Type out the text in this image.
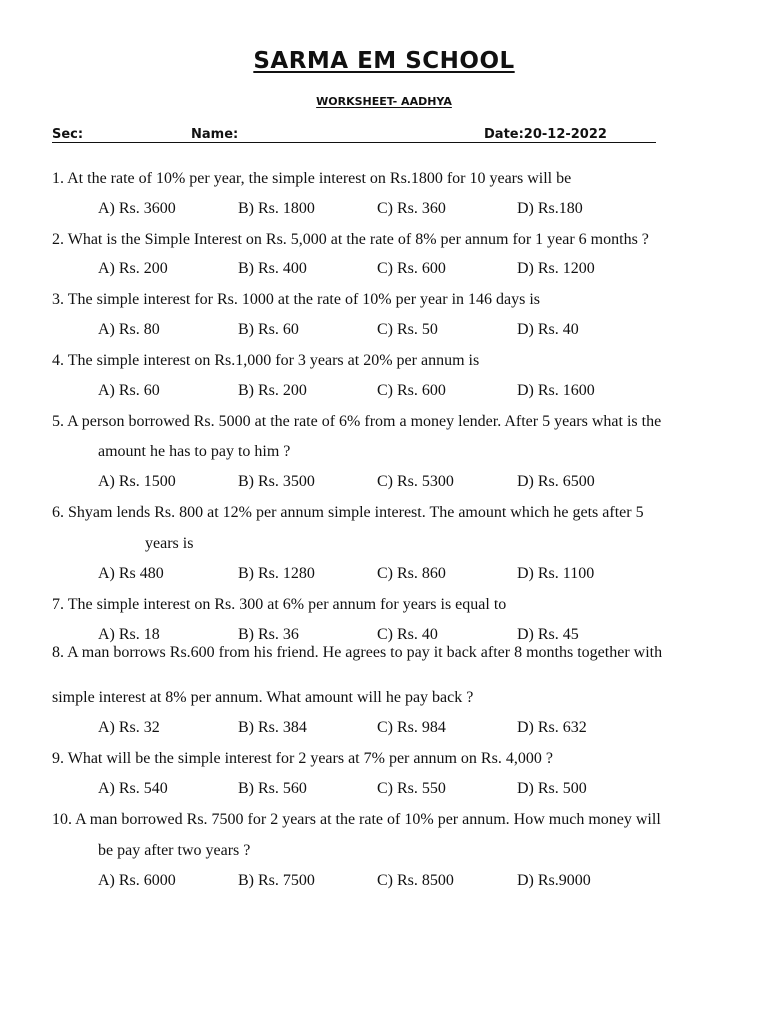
SARMA EM SCHOOL
WORKSHEET- AADHYA
Sec:	Name:	Date:20-12-2022
1. At the rate of 10% per year, the simple interest on Rs.1800 for 10 years will be
A) Rs. 3600	B) Rs. 1800	C) Rs. 360	D) Rs.180
2. What is the Simple Interest on Rs. 5,000 at the rate of 8% per annum for 1 year 6 months ?
A) Rs. 200	B) Rs. 400	C) Rs. 600	D) Rs. 1200
3. The simple interest for Rs. 1000 at the rate of 10% per year in 146 days is
A) Rs. 80	B) Rs. 60	C) Rs. 50	D) Rs. 40
4. The simple interest on Rs.1,000 for 3 years at 20% per annum is
A) Rs. 60	B) Rs. 200	C) Rs. 600	D) Rs. 1600
5. A person borrowed Rs. 5000 at the rate of 6% from a money lender. After 5 years what is the
amount he has to pay to him ?
A) Rs. 1500	B) Rs. 3500	C) Rs. 5300	D) Rs. 6500
6. Shyam lends Rs. 800 at 12% per annum simple interest. The amount which he gets after 5
years is
A) Rs 480	B) Rs. 1280	C) Rs. 860	D) Rs. 1100
7. The simple interest on Rs. 300 at 6% per annum for years is equal to
A) Rs. 18	B) Rs. 36	C) Rs. 40	D) Rs. 45
8. A man borrows Rs.600 from his friend. He agrees to pay it back after 8 months together with
simple interest at 8% per annum. What amount will he pay back ?
A) Rs. 32	B) Rs. 384	C) Rs. 984	D) Rs. 632
9. What will be the simple interest for 2 years at 7% per annum on Rs. 4,000 ?
A) Rs. 540	B) Rs. 560	C) Rs. 550	D) Rs. 500
10. A man borrowed Rs. 7500 for 2 years at the rate of 10% per annum. How much money will
be pay after two years ?
A) Rs. 6000	B) Rs. 7500	C) Rs. 8500	D) Rs.9000
